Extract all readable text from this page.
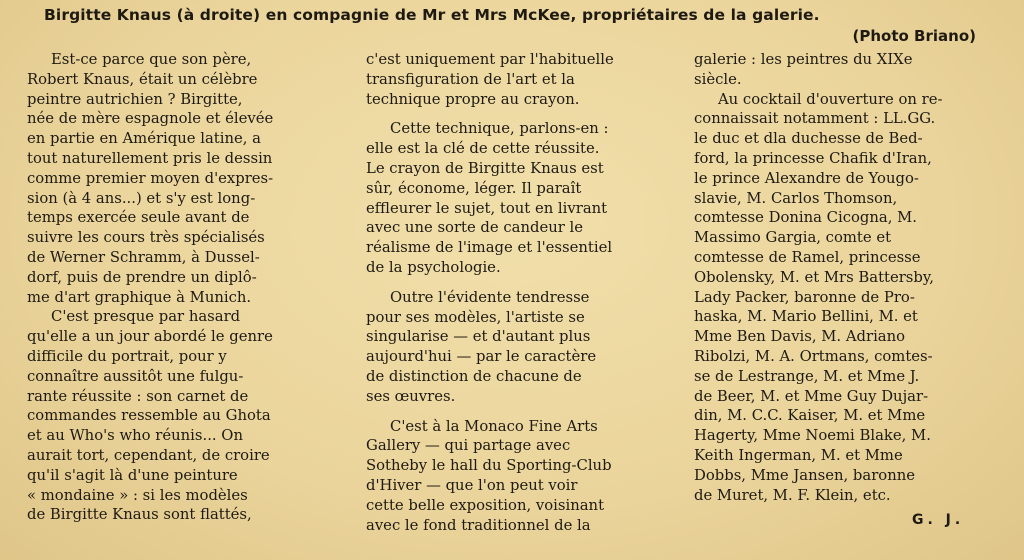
Birgitte Knaus (à droite) en compagnie de Mr et Mrs McKee, propriétaires de la galerie.
(Photo Briano)
Est-ce parce que son père,
Robert Knaus, était un célèbre
peintre autrichien ? Birgitte,
née de mère espagnole et élevée
en partie en Amérique latine, a
tout naturellement pris le dessin
comme premier moyen d'expres-
sion (à 4 ans...) et s'y est long-
temps exercée seule avant de
suivre les cours très spécialisés
de Werner Schramm, à Dussel-
dorf, puis de prendre un diplô-
me d'art graphique à Munich.
C'est presque par hasard
qu'elle a un jour abordé le genre
difficile du portrait, pour y
connaître aussitôt une fulgu-
rante réussite : son carnet de
commandes ressemble au Ghota
et au Who's who réunis... On
aurait tort, cependant, de croire
qu'il s'agit là d'une peinture
« mondaine » : si les modèles
de Birgitte Knaus sont flattés,
c'est uniquement par l'habituelle
transfiguration de l'art et la
technique propre au crayon.
Cette technique, parlons-en :
elle est la clé de cette réussite.
Le crayon de Birgitte Knaus est
sûr, économe, léger. Il paraît
effleurer le sujet, tout en livrant
avec une sorte de candeur le
réalisme de l'image et l'essentiel
de la psychologie.
Outre l'évidente tendresse
pour ses modèles, l'artiste se
singularise — et d'autant plus
aujourd'hui — par le caractère
de distinction de chacune de
ses œuvres.
C'est à la Monaco Fine Arts
Gallery — qui partage avec
Sotheby le hall du Sporting-Club
d'Hiver — que l'on peut voir
cette belle exposition, voisinant
avec le fond traditionnel de la
galerie : les peintres du XIXe
siècle.
Au cocktail d'ouverture on re-
connaissait notamment : LL.GG.
le duc et dla duchesse de Bed-
ford, la princesse Chafik d'Iran,
le prince Alexandre de Yougo-
slavie, M. Carlos Thomson,
comtesse Donina Cicogna, M.
Massimo Gargia, comte et
comtesse de Ramel, princesse
Obolensky, M. et Mrs Battersby,
Lady Packer, baronne de Pro-
haska, M. Mario Bellini, M. et
Mme Ben Davis, M. Adriano
Ribolzi, M. A. Ortmans, comtes-
se de Lestrange, M. et Mme J.
de Beer, M. et Mme Guy Dujar-
din, M. C.C. Kaiser, M. et Mme
Hagerty, Mme Noemi Blake, M.
Keith Ingerman, M. et Mme
Dobbs, Mme Jansen, baronne
de Muret, M. F. Klein, etc.
G. J.
